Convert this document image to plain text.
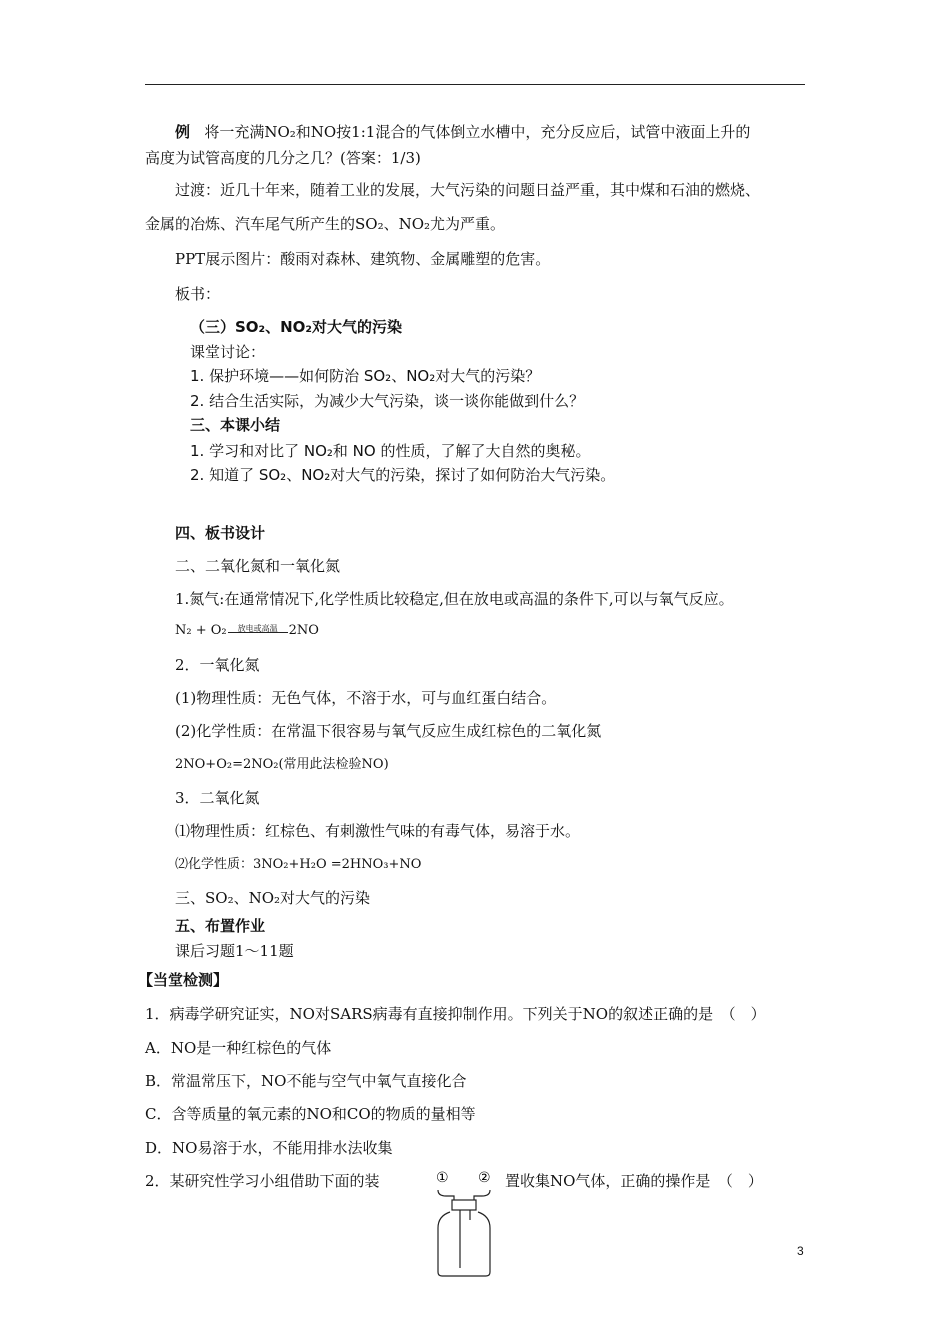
例 将一充满NO₂和NO按1:1混合的气体倒立水槽中，充分反应后，试管中液面上升的
高度为试管高度的几分之几？(答案：1/3)
过渡：近几十年来，随着工业的发展，大气污染的问题日益严重，其中煤和石油的燃烧、
金属的冶炼、汽车尾气所产生的SO₂、NO₂尤为严重。
PPT展示图片：酸雨对森林、建筑物、金属雕塑的危害。
板书：
（三）SO₂、NO₂对大气的污染
课堂讨论：
1. 保护环境——如何防治 SO₂、NO₂对大气的污染？
2. 结合生活实际，为减少大气污染，谈一谈你能做到什么？
三、本课小结
1. 学习和对比了 NO₂和 NO 的性质，了解了大自然的奥秘。
2. 知道了 SO₂、NO₂对大气的污染，探讨了如何防治大气污染。
四、板书设计
二、二氧化氮和一氧化氮
1.氮气:在通常情况下,化学性质比较稳定,但在放电或高温的条件下,可以与氧气反应。
N₂ + O₂	放电或高温 2NO
2．一氧化氮
(1)物理性质：无色气体，不溶于水，可与血红蛋白结合。
(2)化学性质：在常温下很容易与氧气反应生成红棕色的二氧化氮
2NO+O₂=2NO₂(常用此法检验NO)
3．二氧化氮
⑴物理性质：红棕色、有刺激性气味的有毒气体，易溶于水。
⑵化学性质：3NO₂+H₂O =2HNO₃+NO
三、SO₂、NO₂对大气的污染
五、布置作业
课后习题1～11题
【当堂检测】
1．病毒学研究证实，NO对SARS病毒有直接抑制作用。下列关于NO的叙述正确的是　（　）
A．NO是一种红棕色的气体
B．常温常压下，NO不能与空气中氧气直接化合
C．含等质量的氧元素的NO和CO的物质的量相等
D．NO易溶于水，不能用排水法收集
2．某研究性学习小组借助下面的装	置收集NO气体，正确的操作是　（　）
① ②
3
